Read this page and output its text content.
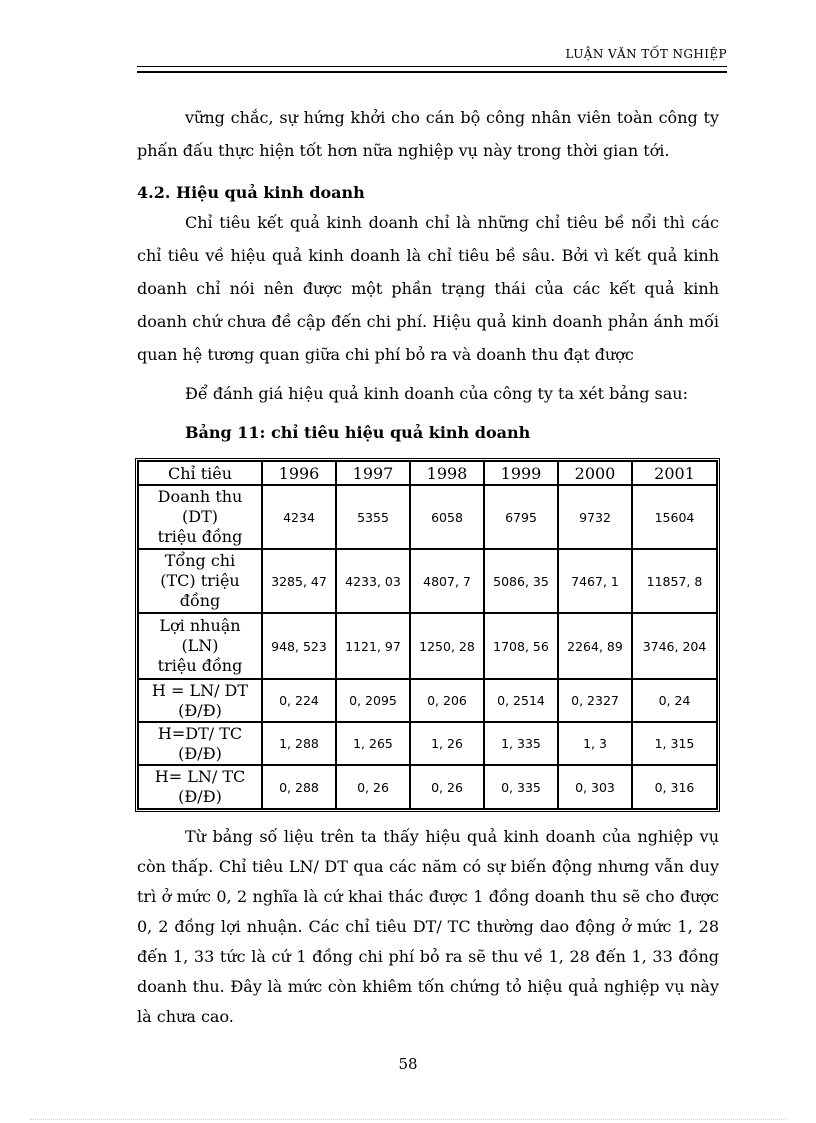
LUẬN VĂN TỐT NGHIỆP

vững chắc, sự hứng khởi cho cán bộ công nhân viên toàn công ty phấn đấu thực hiện tốt hơn nữa nghiệp vụ này trong thời gian tới.

4.2. Hiệu quả kinh doanh

Chỉ tiêu kết quả kinh doanh chỉ là những chỉ tiêu bề nổi thì các chỉ tiêu về hiệu quả kinh doanh là chỉ tiêu bề sâu. Bởi vì kết quả kinh doanh chỉ nói nên được một phần trạng thái của các kết quả kinh doanh chứ chưa đề cập đến chi phí. Hiệu quả kinh doanh phản ánh mối quan hệ tương quan giữa chi phí bỏ ra và doanh thu đạt được

Để đánh giá hiệu quả kinh doanh của công ty ta xét bảng sau:

Bảng 11: chỉ tiêu hiệu quả kinh doanh
Chỉ tiêu	1996	1997	1998	1999	2000	2001

Doanh thu
(DT)
triệu đồng	4234	5355	6058	6795	9732	15604

Tổng chi
(TC) triệu
đồng	3285, 47	4233, 03	4807, 7	5086, 35	7467, 1	11857, 8

Lợi nhuận
(LN)
triệu đồng	948, 523	1121, 97	1250, 28	1708, 56	2264, 89	3746, 204

H = LN/ DT
(Đ/Đ)	0, 224	0, 2095	0, 206	0, 2514	0, 2327	0, 24

H=DT/ TC
(Đ/Đ)	1, 288	1, 265	1, 26	1, 335	1, 3	1, 315

H= LN/ TC
(Đ/Đ)	0, 288	0, 26	0, 26	0, 335	0, 303	0, 316

Từ bảng số liệu trên ta thấy hiệu quả kinh doanh của nghiệp vụ còn thấp. Chỉ tiêu LN/ DT qua các năm có sự biến động nhưng vẫn duy trì ở mức 0, 2 nghĩa là cứ khai thác được 1 đồng doanh thu sẽ cho được 0, 2 đồng lợi nhuận. Các chỉ tiêu DT/ TC thường dao động ở mức 1, 28 đến 1, 33 tức là cứ 1 đồng chi phí bỏ ra sẽ thu về 1, 28 đến 1, 33 đồng doanh thu. Đây là mức còn khiêm tốn chứng tỏ hiệu quả nghiệp vụ này là chưa cao.

58
